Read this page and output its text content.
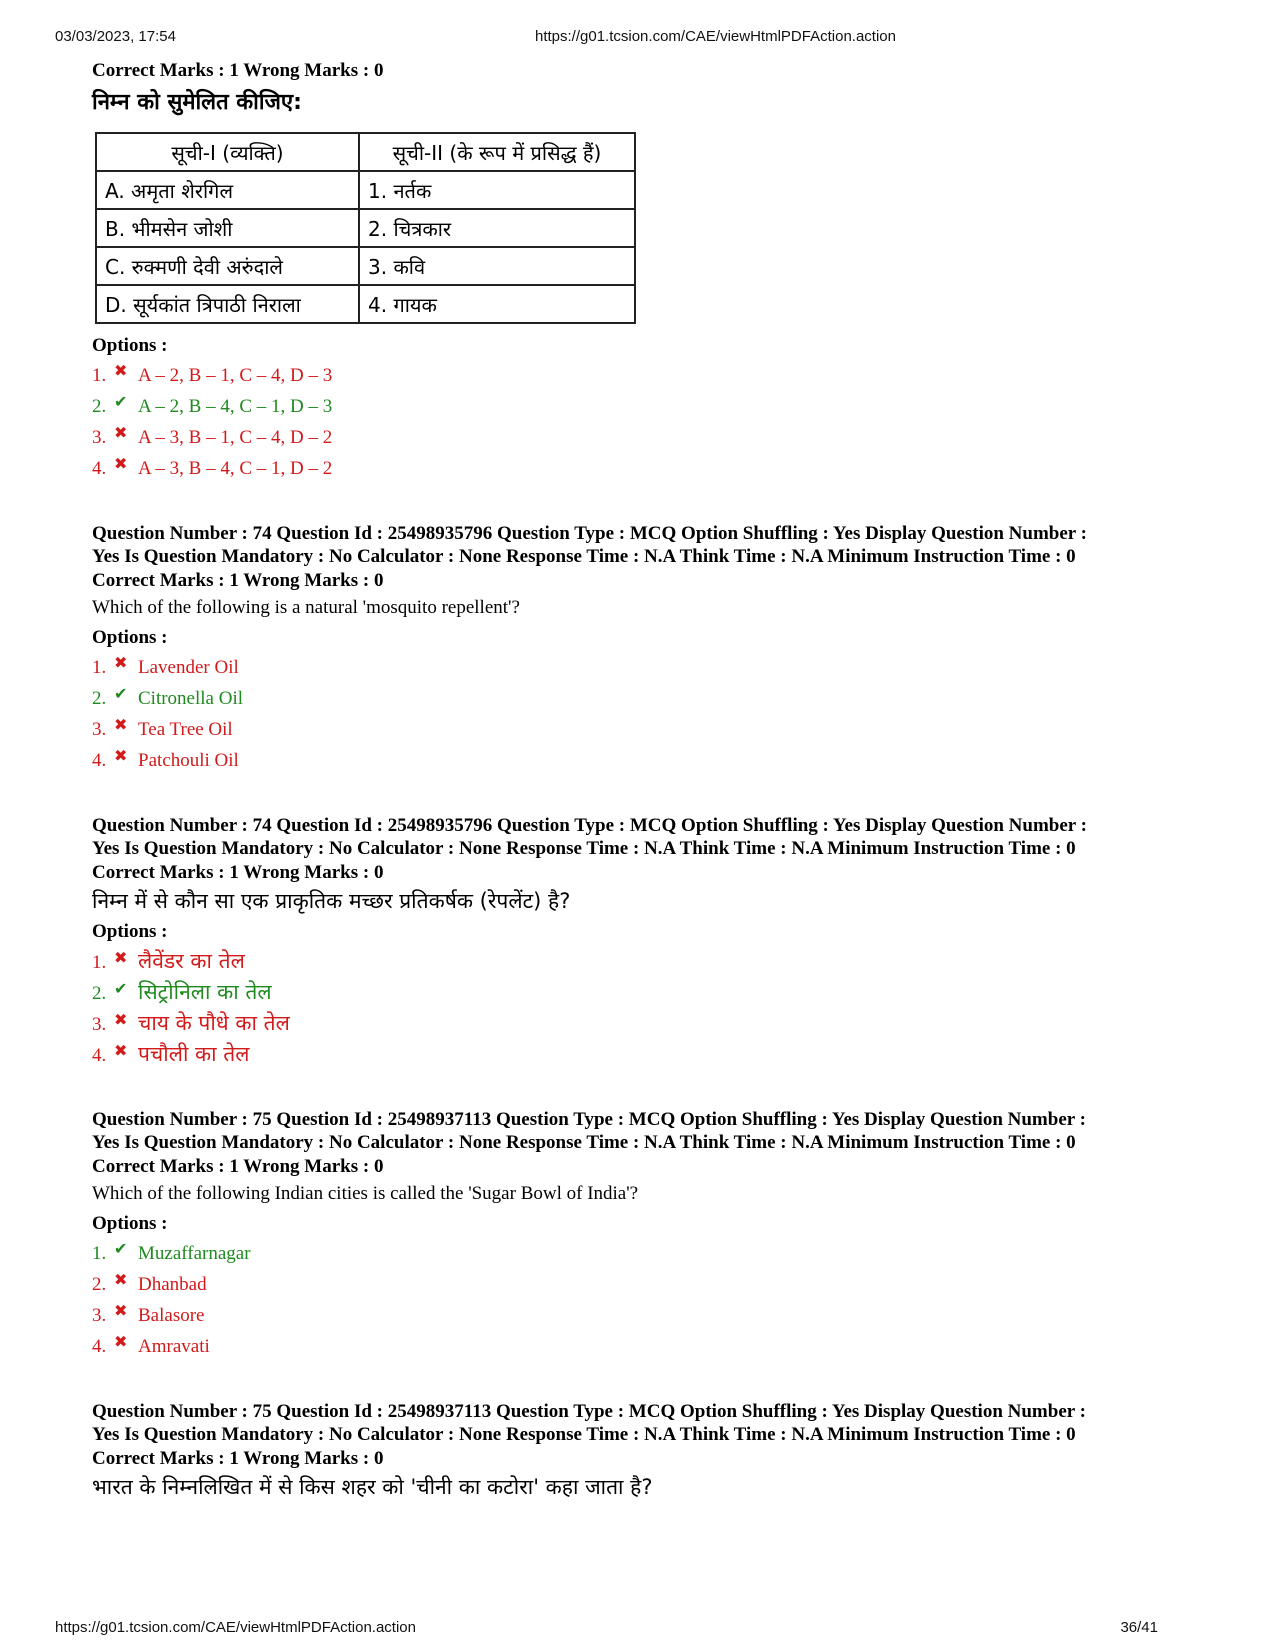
03/03/2023, 17:54	https://g01.tcsion.com/CAE/viewHtmlPDFAction.action
Correct Marks : 1 Wrong Marks : 0
निम्न को सुमेलित कीजिए:
सूची-I (व्यक्ति)	सूची-II (के रूप में प्रसिद्ध हैं)
A. अमृता शेरगिल	1. नर्तक
B. भीमसेन जोशी	2. चित्रकार
C. रुक्मणी देवी अरुंदाले	3. कवि
D. सूर्यकांत त्रिपाठी निराला	4. गायक
Options :
1. ✖ A – 2, B – 1, C – 4, D – 3
2. ✔ A – 2, B – 4, C – 1, D – 3
3. ✖ A – 3, B – 1, C – 4, D – 2
4. ✖ A – 3, B – 4, C – 1, D – 2
Question Number : 74 Question Id : 25498935796 Question Type : MCQ Option Shuffling : Yes Display Question Number :
Yes Is Question Mandatory : No Calculator : None Response Time : N.A Think Time : N.A Minimum Instruction Time : 0
Correct Marks : 1 Wrong Marks : 0
Which of the following is a natural 'mosquito repellent'?
Options :
1. ✖ Lavender Oil
2. ✔ Citronella Oil
3. ✖ Tea Tree Oil
4. ✖ Patchouli Oil
Question Number : 74 Question Id : 25498935796 Question Type : MCQ Option Shuffling : Yes Display Question Number :
Yes Is Question Mandatory : No Calculator : None Response Time : N.A Think Time : N.A Minimum Instruction Time : 0
Correct Marks : 1 Wrong Marks : 0
निम्न में से कौन सा एक प्राकृतिक मच्छर प्रतिकर्षक (रेपलेंट) है?
Options :
1. ✖ लैवेंडर का तेल
2. ✔ सिट्रोनिला का तेल
3. ✖ चाय के पौधे का तेल
4. ✖ पचौली का तेल
Question Number : 75 Question Id : 25498937113 Question Type : MCQ Option Shuffling : Yes Display Question Number :
Yes Is Question Mandatory : No Calculator : None Response Time : N.A Think Time : N.A Minimum Instruction Time : 0
Correct Marks : 1 Wrong Marks : 0
Which of the following Indian cities is called the 'Sugar Bowl of India'?
Options :
1. ✔ Muzaffarnagar
2. ✖ Dhanbad
3. ✖ Balasore
4. ✖ Amravati
Question Number : 75 Question Id : 25498937113 Question Type : MCQ Option Shuffling : Yes Display Question Number :
Yes Is Question Mandatory : No Calculator : None Response Time : N.A Think Time : N.A Minimum Instruction Time : 0
Correct Marks : 1 Wrong Marks : 0
भारत के निम्नलिखित में से किस शहर को 'चीनी का कटोरा' कहा जाता है?
https://g01.tcsion.com/CAE/viewHtmlPDFAction.action	36/41
